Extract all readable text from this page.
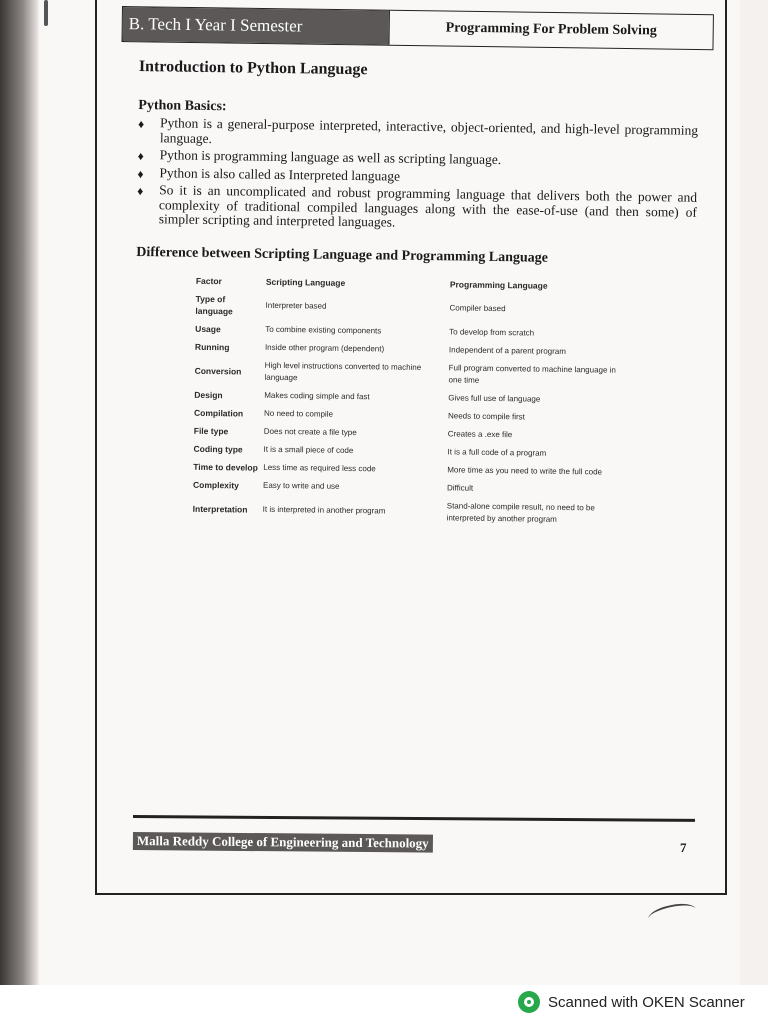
B. Tech I Year I Semester	Programming For Problem Solving
Introduction to Python Language
Python Basics:
♦ Python is a general-purpose interpreted, interactive, object-oriented, and high-level programming language.
♦ Python is programming language as well as scripting language.
♦ Python is also called as Interpreted language
♦ So it is an uncomplicated and robust programming language that delivers both the power and complexity of traditional compiled languages along with the ease-of-use (and then some) of simpler scripting and interpreted languages.
Difference between Scripting Language and Programming Language
Factor	Scripting Language	Programming Language
Type of language	Interpreter based	Compiler based
Usage	To combine existing components	To develop from scratch
Running	Inside other program (dependent)	Independent of a parent program
Conversion	High level instructions converted to machine language	Full program converted to machine language in one time
Design	Makes coding simple and fast	Gives full use of language
Compilation	No need to compile	Needs to compile first
File type	Does not create a file type	Creates a .exe file
Coding type	It is a small piece of code	It is a full code of a program
Time to develop	Less time as required less code	More time as you need to write the full code
Complexity	Easy to write and use	Difficult
Interpretation	It is interpreted in another program	Stand-alone compile result, no need to be interpreted by another program
Malla Reddy College of Engineering and Technology	7
Scanned with OKEN Scanner
